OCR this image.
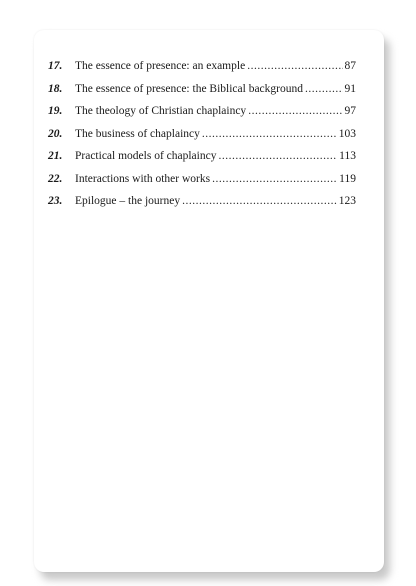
17.	The essence of presence: an example .....	87
18.	The essence of presence: the Biblical background .....	91
19.	The theology of Christian chaplaincy .....	97
20.	The business of chaplaincy .....	103
21.	Practical models of chaplaincy .....	113
22.	Interactions with other works .....	119
23.	Epilogue – the journey .....	123
